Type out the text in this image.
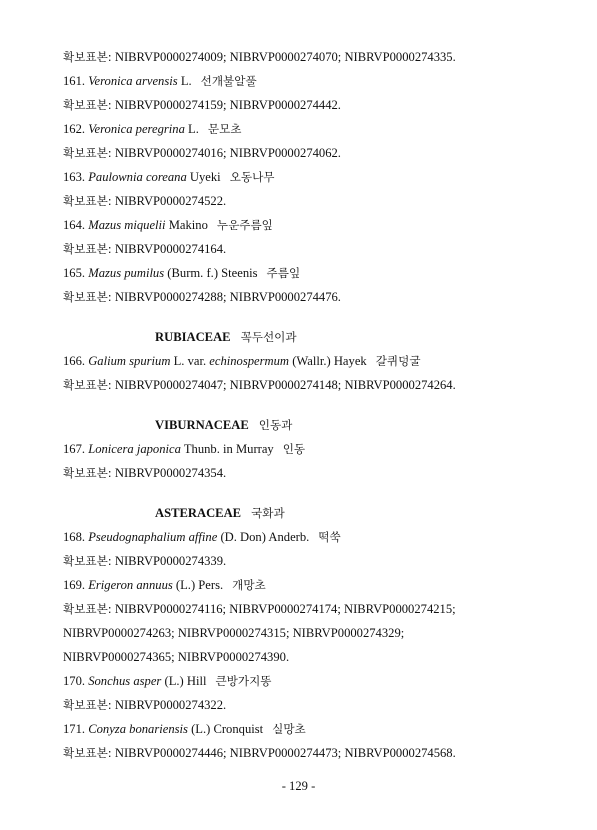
확보표본: NIBRVP0000274009; NIBRVP0000274070; NIBRVP0000274335.
161. Veronica arvensis L. 선개불알풀
확보표본: NIBRVP0000274159; NIBRVP0000274442.
162. Veronica peregrina L. 문모초
확보표본: NIBRVP0000274016; NIBRVP0000274062.
163. Paulownia coreana Uyeki 오동나무
확보표본: NIBRVP0000274522.
164. Mazus miquelii Makino 누운주름잎
확보표본: NIBRVP0000274164.
165. Mazus pumilus (Burm. f.) Steenis 주름잎
확보표본: NIBRVP0000274288; NIBRVP0000274476.
RUBIACEAE 꼭두선이과
166. Galium spurium L. var. echinospermum (Wallr.) Hayek 갈퀴덩굴
확보표본: NIBRVP0000274047; NIBRVP0000274148; NIBRVP0000274264.
VIBURNACEAE 인동과
167. Lonicera japonica Thunb. in Murray 인동
확보표본: NIBRVP0000274354.
ASTERACEAE 국화과
168. Pseudognaphalium affine (D. Don) Anderb. 떡쑥
확보표본: NIBRVP0000274339.
169. Erigeron annuus (L.) Pers. 개망초
확보표본: NIBRVP0000274116; NIBRVP0000274174; NIBRVP0000274215;
NIBRVP0000274263; NIBRVP0000274315; NIBRVP0000274329;
NIBRVP0000274365; NIBRVP0000274390.
170. Sonchus asper (L.) Hill 큰방가지똥
확보표본: NIBRVP0000274322.
171. Conyza bonariensis (L.) Cronquist 실망초
확보표본: NIBRVP0000274446; NIBRVP0000274473; NIBRVP0000274568.
- 129 -
